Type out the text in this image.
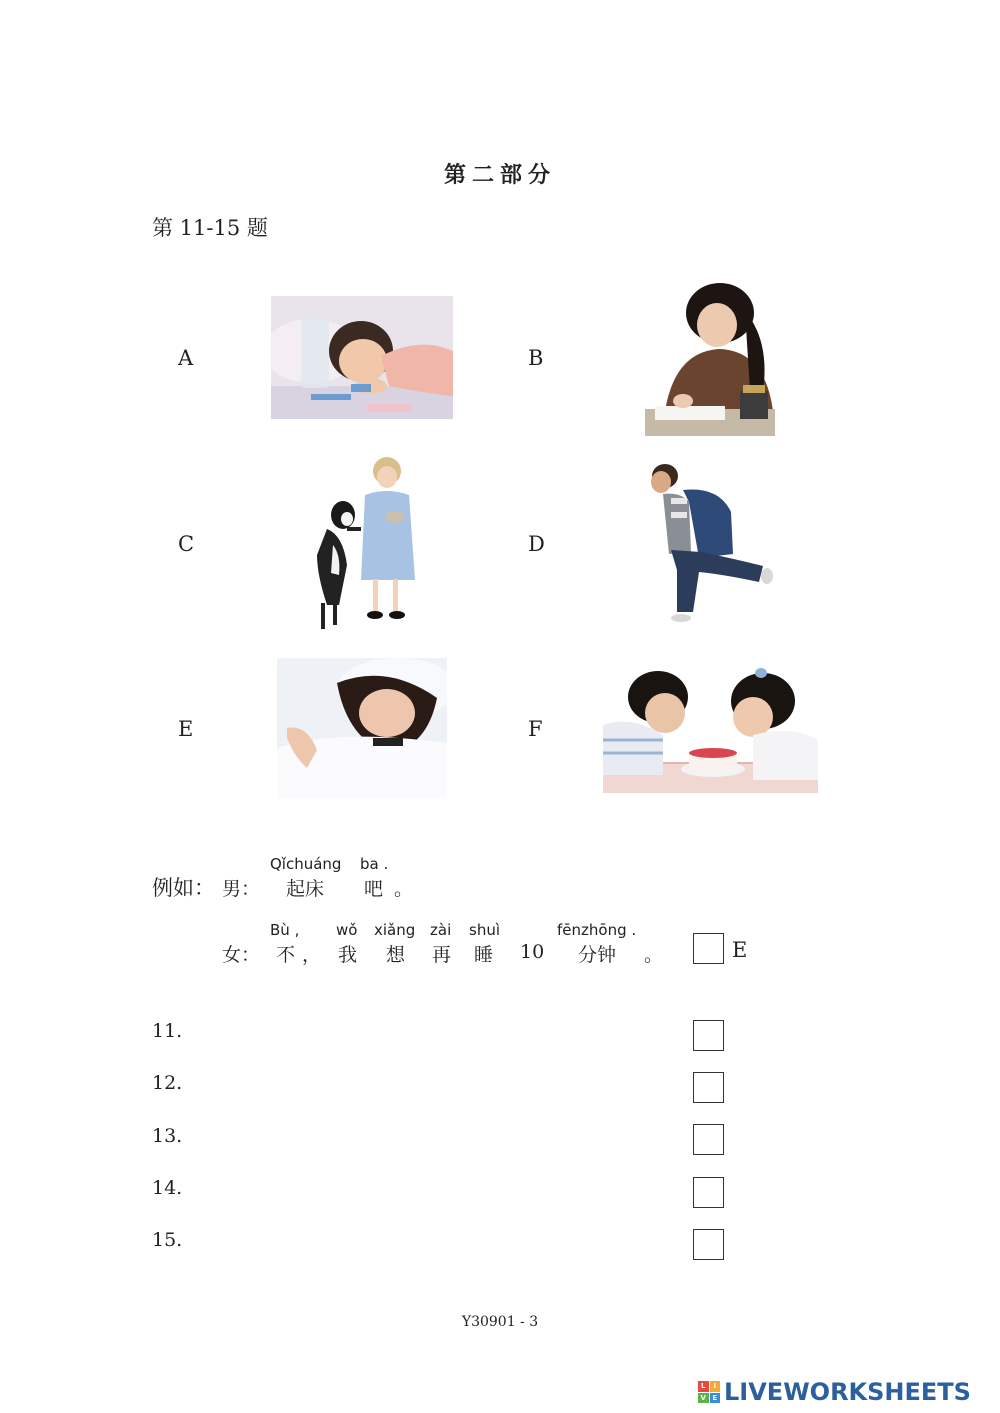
第二部分
第 11-15 题
A	B
C	D
E	F
例如： 男：
Qǐchuáng ba .
起床 吧 。
女：
Bù , wǒ xiǎng zài shuì	fēnzhōng .
不 ， 我 想 再 睡 10 分钟 。	E
11.
12.
13.
14.
15.
Y30901 - 3
L	I
V E LIVEWORKSHEETS
